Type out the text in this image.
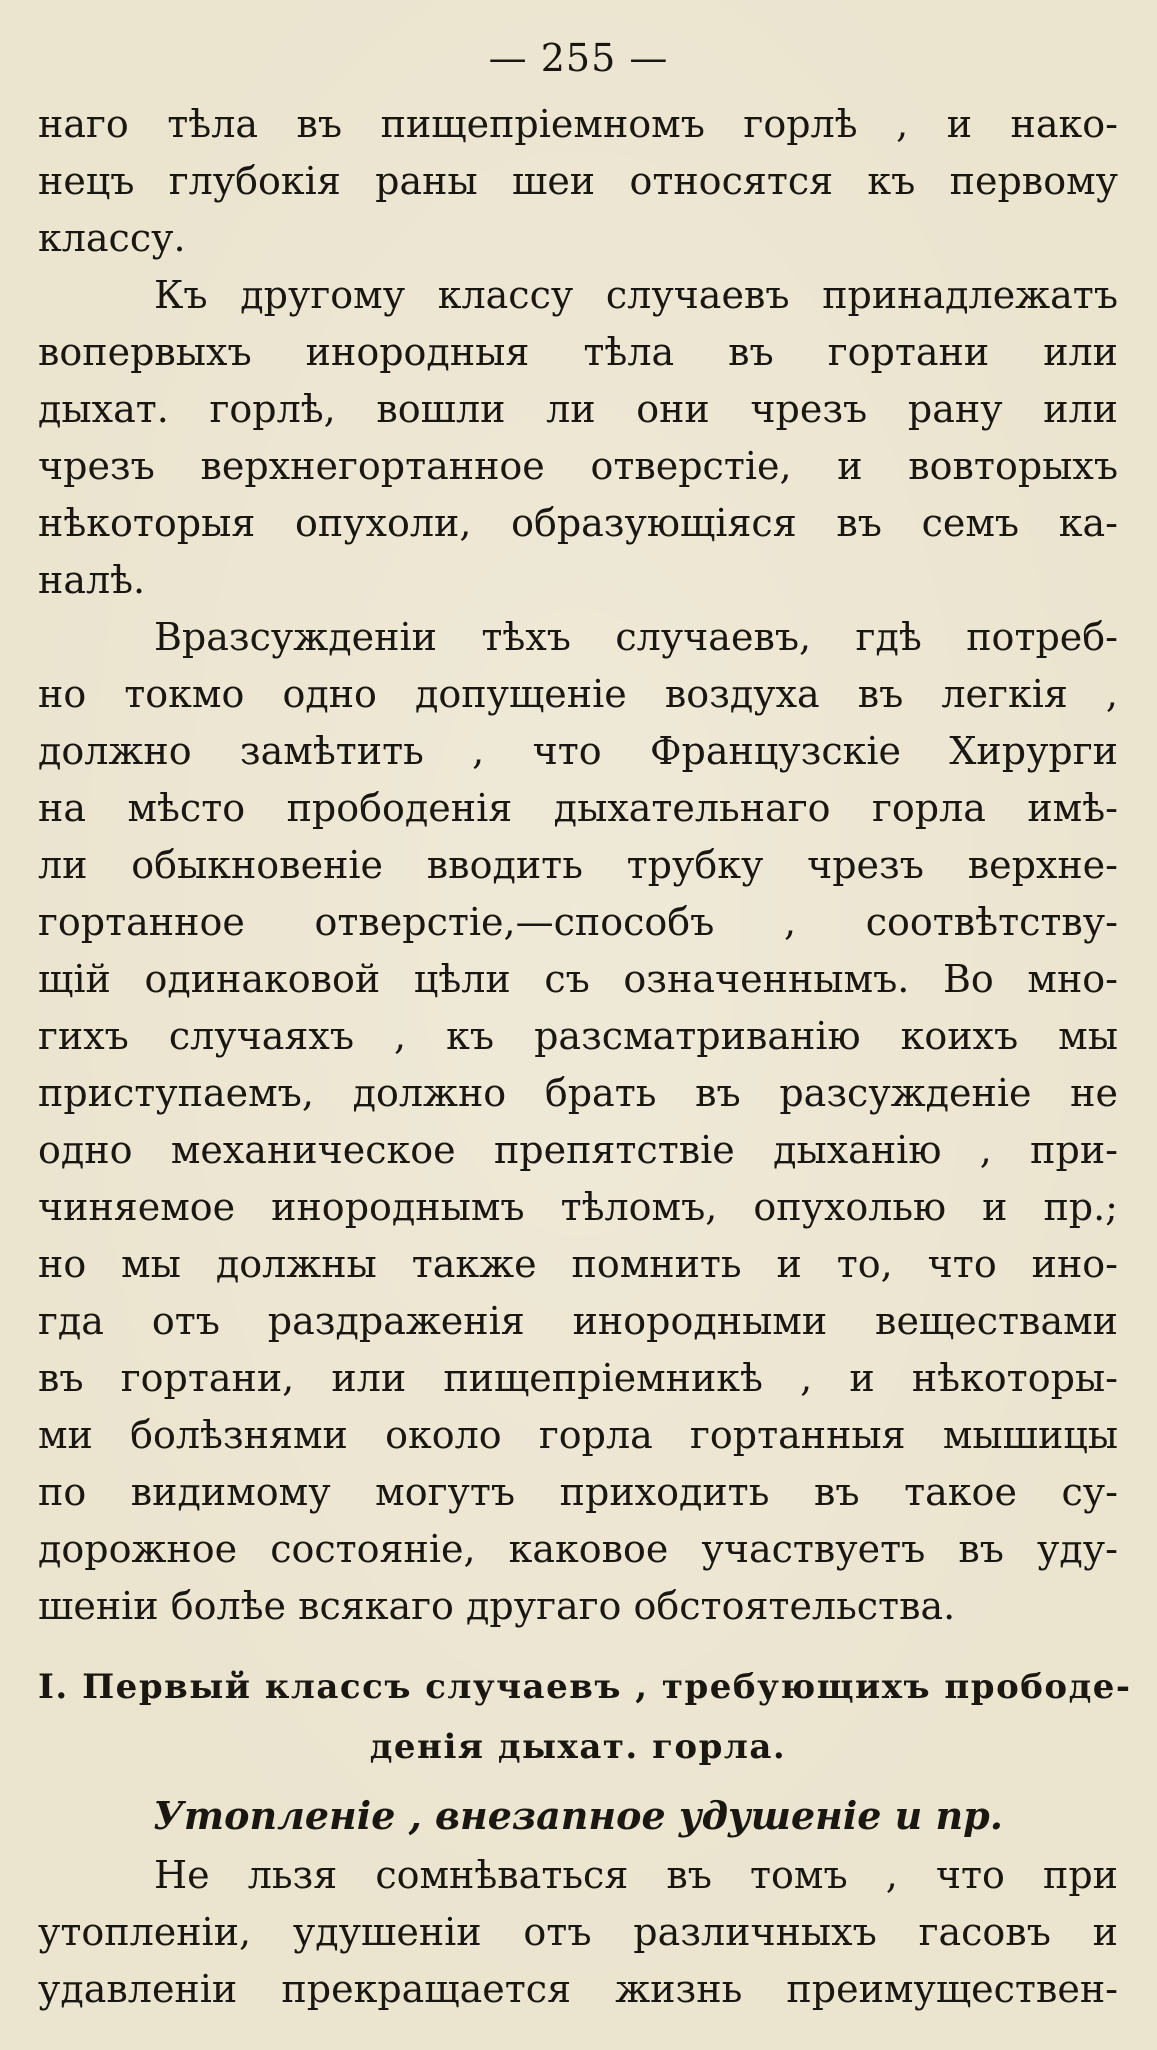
— 255 —
наго тѣла въ пищепріемномъ горлѣ , и нако-
нецъ глубокія раны шеи относятся къ первому
классу.
Къ другому классу случаевъ принадлежатъ
вопервыхъ инородныя тѣла въ гортани или
дыхат. горлѣ, вошли ли они чрезъ рану или
чрезъ верхнегортанное отверстіе, и вовторыхъ
нѣкоторыя опухоли, образующіяся въ семъ ка-
налѣ.
Вразсужденіи тѣхъ случаевъ, гдѣ потреб-
но токмо одно допущеніе воздуха въ легкія ,
должно замѣтить , что Французскіе Хирурги
на мѣсто прободенія дыхательнаго горла имѣ-
ли обыкновеніе вводить трубку чрезъ верхне-
гортанное отверстіе,—способъ , соотвѣтству-
щій одинаковой цѣли съ означеннымъ. Во мно-
гихъ случаяхъ , къ разсматриванію коихъ мы
приступаемъ, должно брать въ разсужденіе не
одно механическое препятствіе дыханію , при-
чиняемое инороднымъ тѣломъ, опухолью и пр.;
но мы должны также помнить и то, что ино-
гда отъ раздраженія инородными веществами
въ гортани, или пищепріемникѣ , и нѣкоторы-
ми болѣзнями около горла гортанныя мышицы
по видимому могутъ приходить въ такое су-
дорожное состояніе, каковое участвуетъ въ уду-
шеніи болѣе всякаго другаго обстоятельства.
I. Первый классъ случаевъ , требующихъ прободе-
денія дыхат. горла.
Утопленіе , внезапное удушеніе и пр.
Не льзя сомнѣваться въ томъ , что при
утопленіи, удушеніи отъ различныхъ гасовъ и
удавленіи прекращается жизнь преимуществен-
